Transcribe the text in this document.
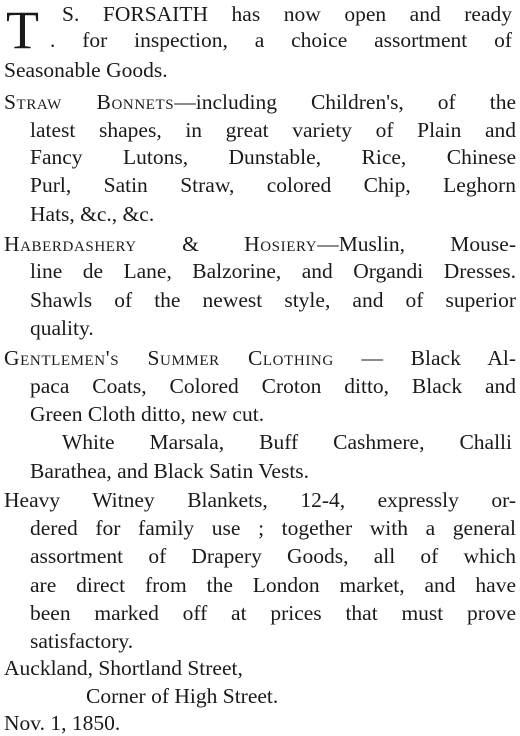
T S. FORSAITH has now open and ready
. for inspection, a choice assortment of
Seasonable Goods.
Straw Bonnets—including Children's, of the
latest shapes, in great variety of Plain and
Fancy Lutons, Dunstable, Rice, Chinese
Purl, Satin Straw, colored Chip, Leghorn
Hats, &c., &c.
Haberdashery & Hosiery—Muslin, Mouse-
line de Lane, Balzorine, and Organdi Dresses.
Shawls of the newest style, and of superior
quality.
Gentlemen's Summer Clothing — Black Al-
paca Coats, Colored Croton ditto, Black and
Green Cloth ditto, new cut.
White Marsala, Buff Cashmere, Challi
Barathea, and Black Satin Vests.
Heavy Witney Blankets, 12-4, expressly or-
dered for family use ; together with a general
assortment of Drapery Goods, all of which
are direct from the London market, and have
been marked off at prices that must prove
satisfactory.
Auckland, Shortland Street,
Corner of High Street.
Nov. 1, 1850.
